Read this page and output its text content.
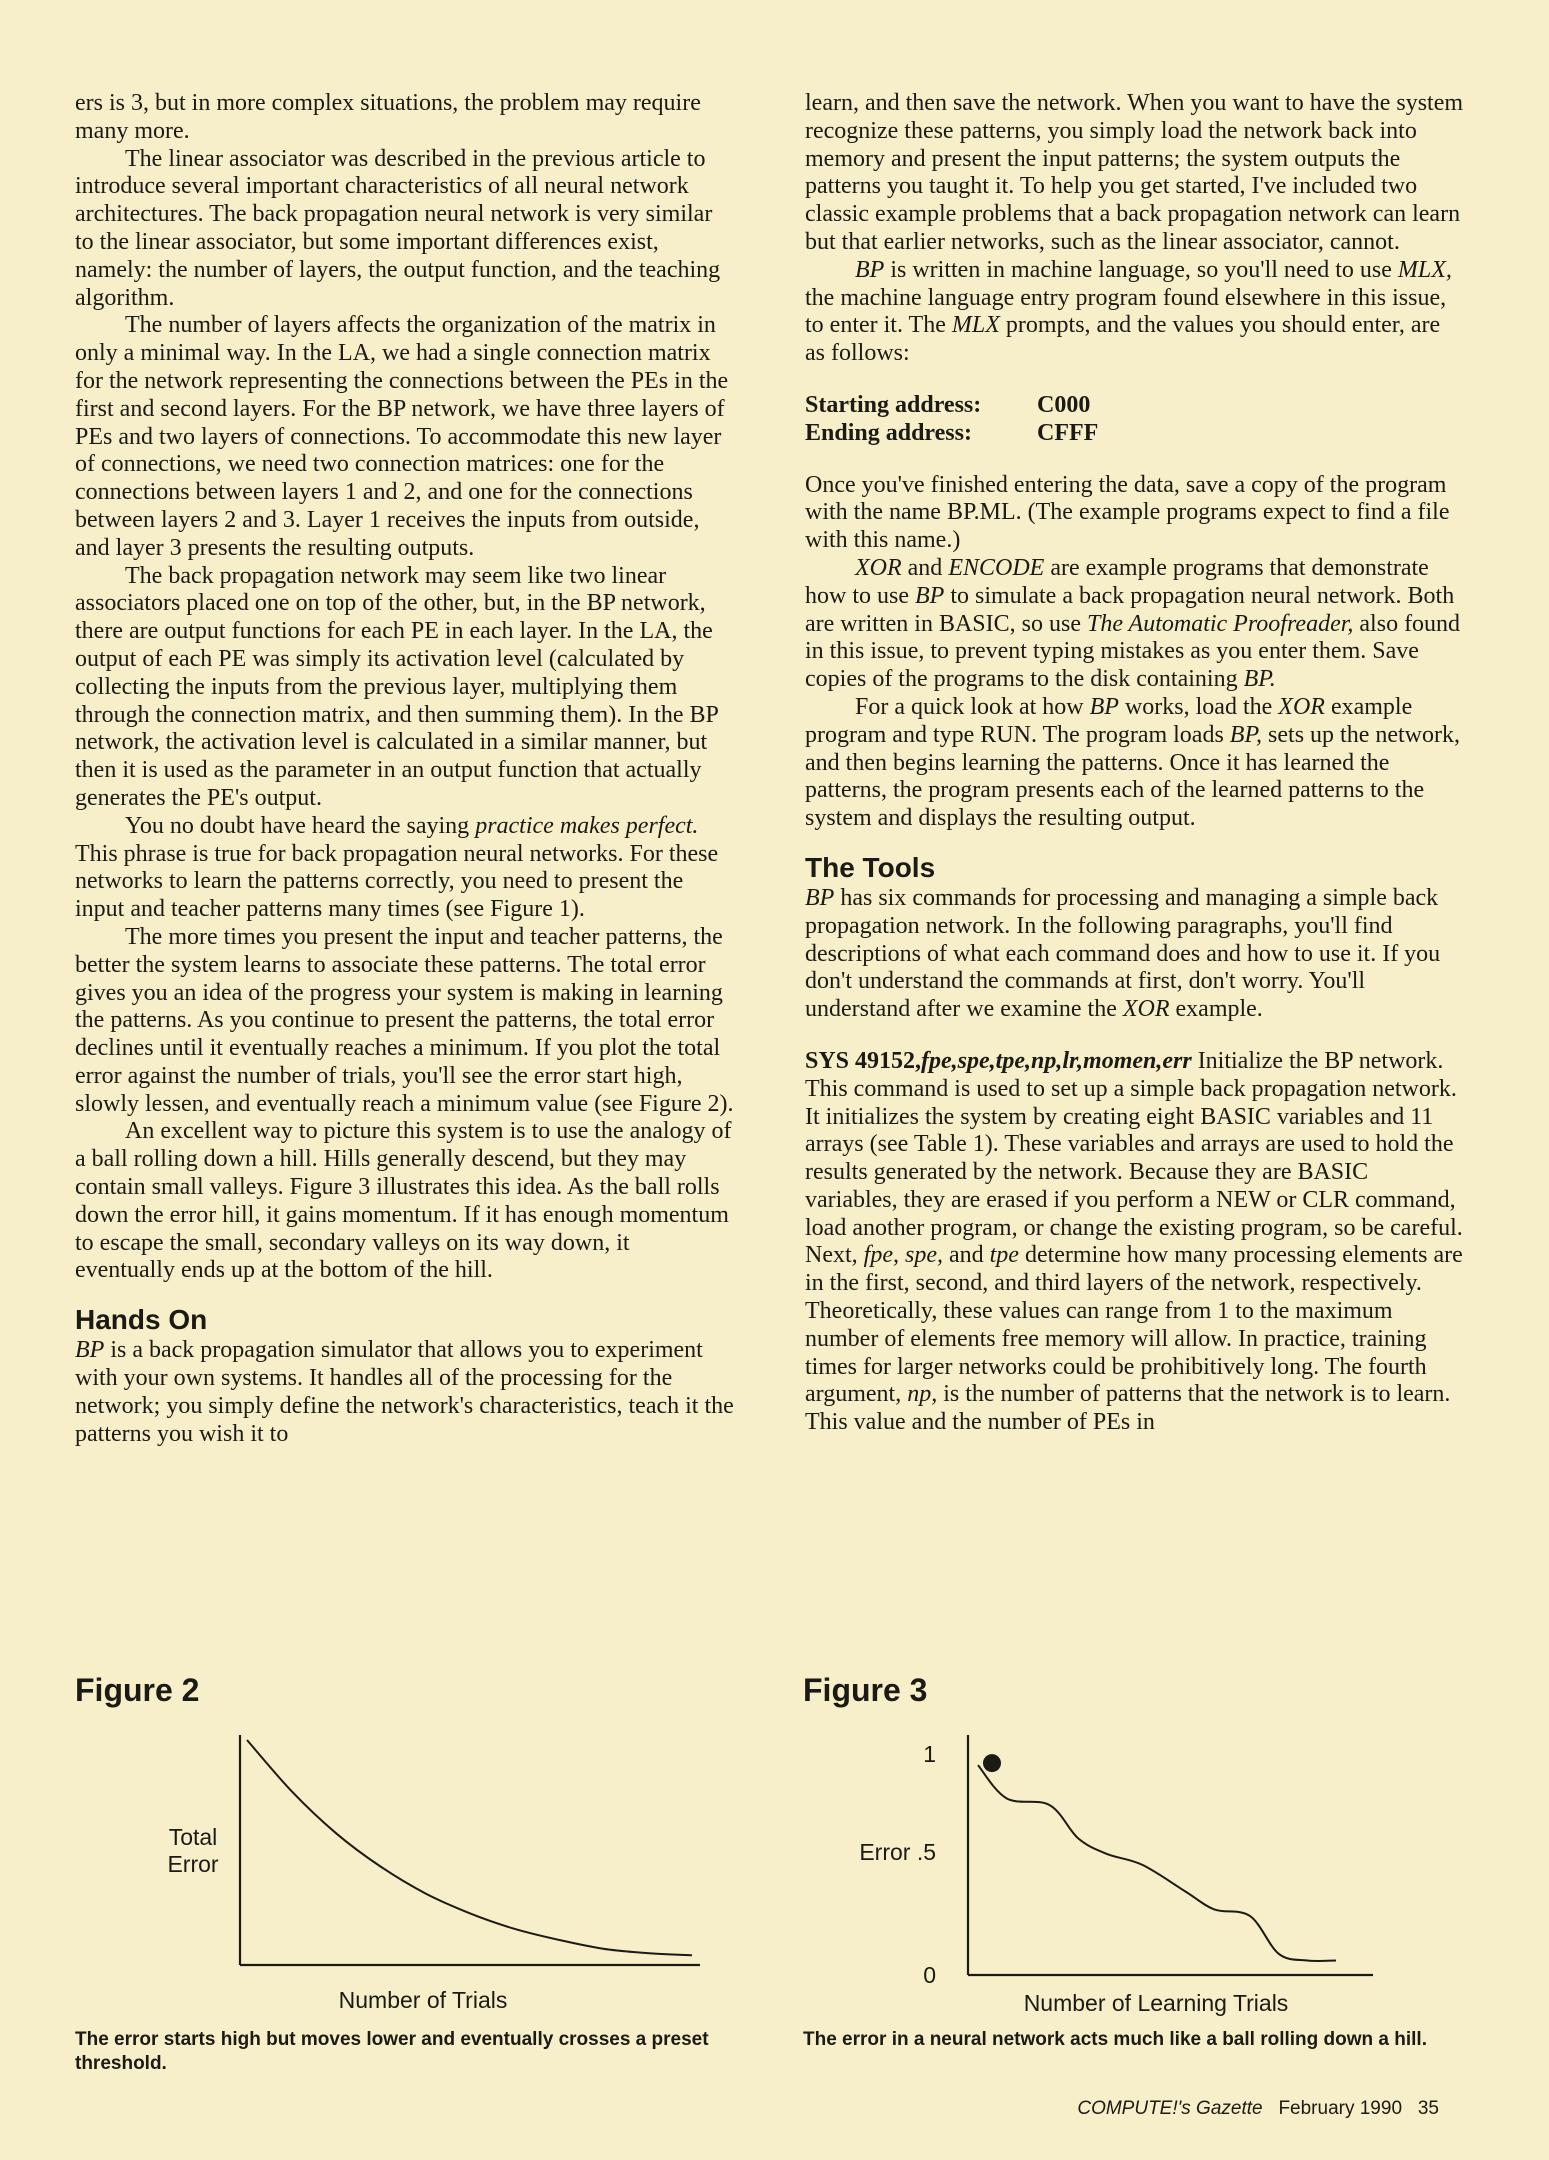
ers is 3, but in more complex situations, the problem may require many more.

The linear associator was described in the previous article to introduce several important characteristics of all neural network architectures. The back propagation neural network is very similar to the linear associator, but some important differences exist, namely: the number of layers, the output function, and the teaching algorithm.

The number of layers affects the organization of the matrix in only a minimal way. In the LA, we had a single connection matrix for the network representing the connections between the PEs in the first and second layers. For the BP network, we have three layers of PEs and two layers of connections. To accommodate this new layer of connections, we need two connection matrices: one for the connections between layers 1 and 2, and one for the connections between layers 2 and 3. Layer 1 receives the inputs from outside, and layer 3 presents the resulting outputs.

The back propagation network may seem like two linear associators placed one on top of the other, but, in the BP network, there are output functions for each PE in each layer. In the LA, the output of each PE was simply its activation level (calculated by collecting the inputs from the previous layer, multiplying them through the connection matrix, and then summing them). In the BP network, the activation level is calculated in a similar manner, but then it is used as the parameter in an output function that actually generates the PE's output.

You no doubt have heard the saying practice makes perfect. This phrase is true for back propagation neural networks. For these networks to learn the patterns correctly, you need to present the input and teacher patterns many times (see Figure 1).

The more times you present the input and teacher patterns, the better the system learns to associate these patterns. The total error gives you an idea of the progress your system is making in learning the patterns. As you continue to present the patterns, the total error declines until it eventually reaches a minimum. If you plot the total error against the number of trials, you'll see the error start high, slowly lessen, and eventually reach a minimum value (see Figure 2).

An excellent way to picture this system is to use the analogy of a ball rolling down a hill. Hills generally descend, but they may contain small valleys. Figure 3 illustrates this idea. As the ball rolls down the error hill, it gains momentum. If it has enough momentum to escape the small, secondary valleys on its way down, it eventually ends up at the bottom of the hill.

Hands On

BP is a back propagation simulator that allows you to experiment with your own systems. It handles all of the processing for the network; you simply define the network's characteristics, teach it the patterns you wish it to

learn, and then save the network. When you want to have the system recognize these patterns, you simply load the network back into memory and present the input patterns; the system outputs the patterns you taught it. To help you get started, I've included two classic example problems that a back propagation network can learn but that earlier networks, such as the linear associator, cannot.

BP is written in machine language, so you'll need to use MLX, the machine language entry program found elsewhere in this issue, to enter it. The MLX prompts, and the values you should enter, are as follows:

Starting address:	C000
Ending address:	CFFF

Once you've finished entering the data, save a copy of the program with the name BP.ML. (The example programs expect to find a file with this name.)

XOR and ENCODE are example programs that demonstrate how to use BP to simulate a back propagation neural network. Both are written in BASIC, so use The Automatic Proofreader, also found in this issue, to prevent typing mistakes as you enter them. Save copies of the programs to the disk containing BP.

For a quick look at how BP works, load the XOR example program and type RUN. The program loads BP, sets up the network, and then begins learning the patterns. Once it has learned the patterns, the program presents each of the learned patterns to the system and displays the resulting output.

The Tools

BP has six commands for processing and managing a simple back propagation network. In the following paragraphs, you'll find descriptions of what each command does and how to use it. If you don't understand the commands at first, don't worry. You'll understand after we examine the XOR example.

SYS 49152,fpe,spe,tpe,np,lr,momen,err Initialize the BP network. This command is used to set up a simple back propagation network. It initializes the system by creating eight BASIC variables and 11 arrays (see Table 1). These variables and arrays are used to hold the results generated by the network. Because they are BASIC variables, they are erased if you perform a NEW or CLR command, load another program, or change the existing program, so be careful. Next, fpe, spe, and tpe determine how many processing elements are in the first, second, and third layers of the network, respectively. Theoretically, these values can range from 1 to the maximum number of elements free memory will allow. In practice, training times for larger networks could be prohibitively long. The fourth argument, np, is the number of patterns that the network is to learn. This value and the number of PEs in

Figure 2
Total
Error
Number of Trials
The error starts high but moves lower and eventually crosses a preset threshold.
Figure 3
1
Error .5
0
Number of Learning Trials
The error in a neural network acts much like a ball rolling down a hill.
COMPUTE!'s Gazette February 1990 35
